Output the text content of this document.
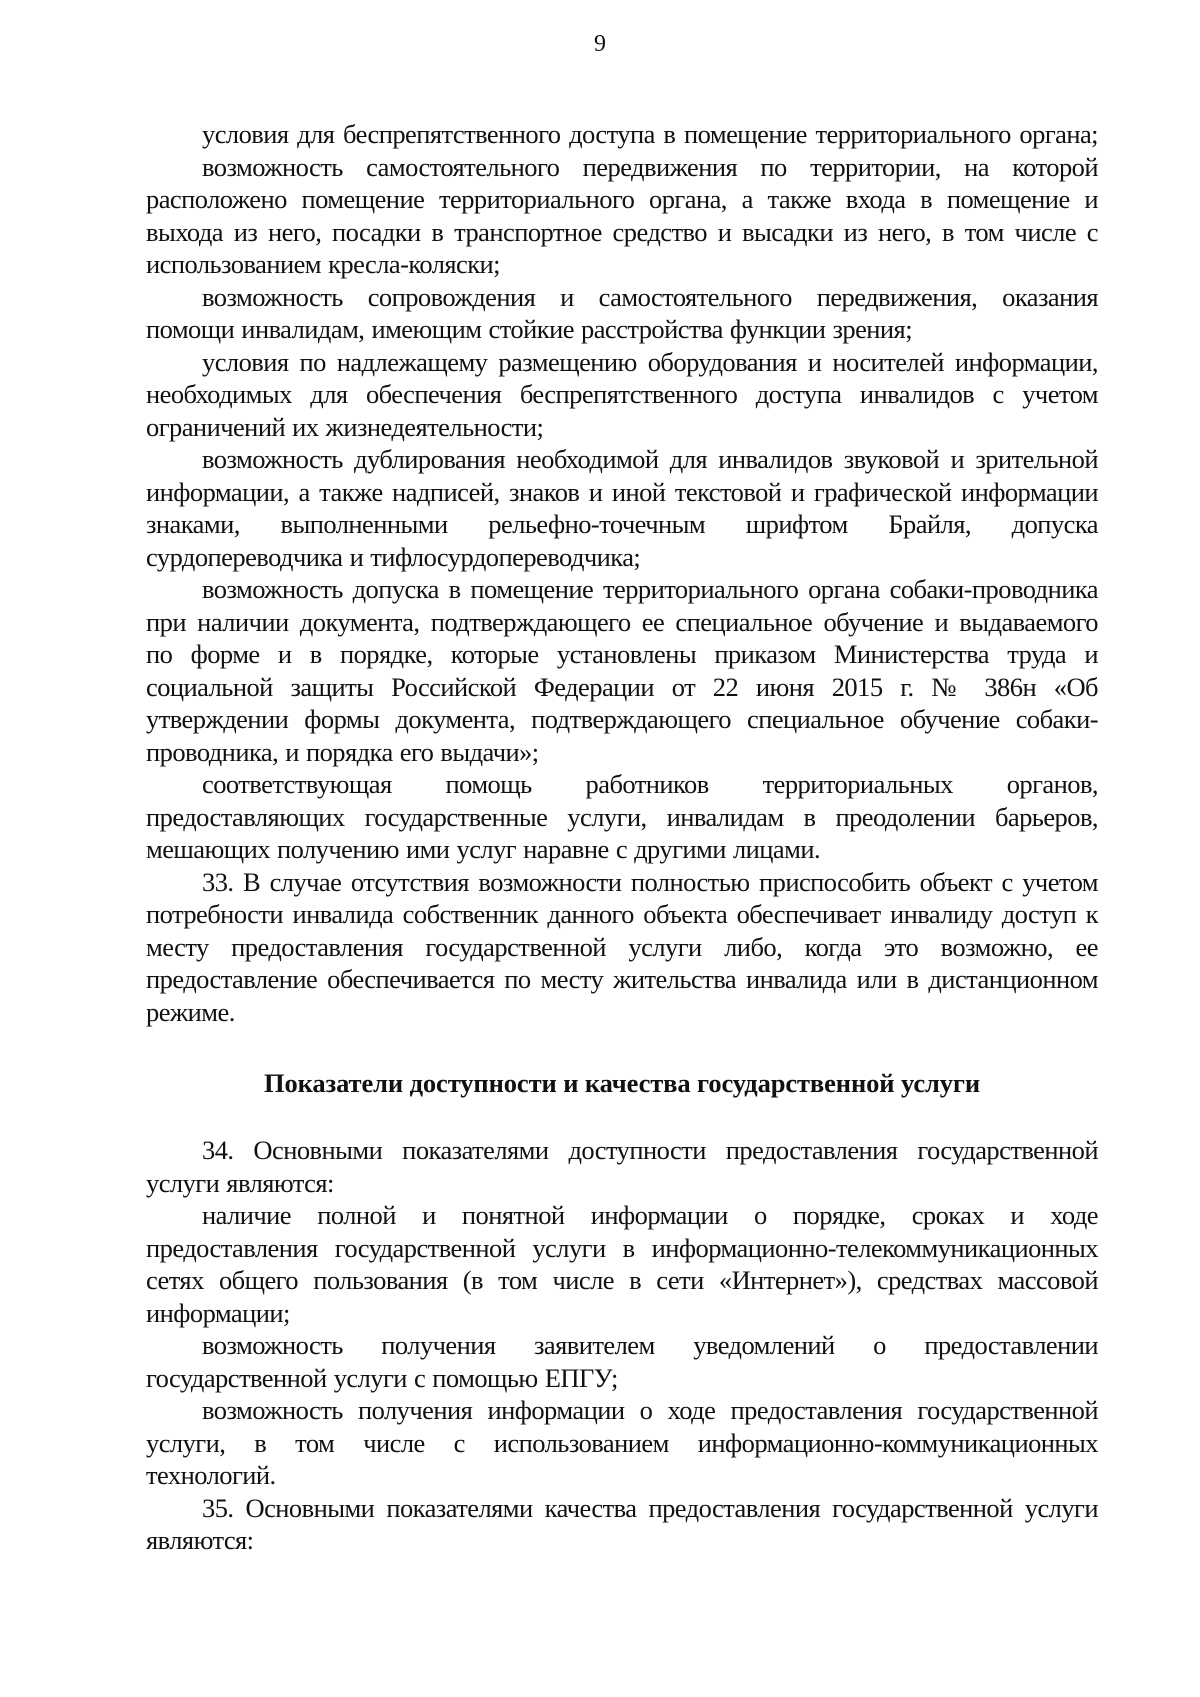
9

условия для беспрепятственного доступа в помещение территориального органа;

возможность самостоятельного передвижения по территории, на которой расположено помещение территориального органа, а также входа в помещение и выхода из него, посадки в транспортное средство и высадки из него, в том числе с использованием кресла-коляски;

возможность сопровождения и самостоятельного передвижения, оказания помощи инвалидам, имеющим стойкие расстройства функции зрения;

условия по надлежащему размещению оборудования и носителей информации, необходимых для обеспечения беспрепятственного доступа инвалидов с учетом ограничений их жизнедеятельности;

возможность дублирования необходимой для инвалидов звуковой и зрительной информации, а также надписей, знаков и иной текстовой и графической информации знаками, выполненными рельефно-точечным шрифтом Брайля, допуска сурдопереводчика и тифлосурдопереводчика;

возможность допуска в помещение территориального органа собаки-проводника при наличии документа, подтверждающего ее специальное обучение и выдаваемого по форме и в порядке, которые установлены приказом Министерства труда и социальной защиты Российской Федерации от 22 июня 2015 г. № 386н «Об утверждении формы документа, подтверждающего специальное обучение собаки-проводника, и порядка его выдачи»;

соответствующая помощь работников территориальных органов, предоставляющих государственные услуги, инвалидам в преодолении барьеров, мешающих получению ими услуг наравне с другими лицами.

33. В случае отсутствия возможности полностью приспособить объект с учетом потребности инвалида собственник данного объекта обеспечивает инвалиду доступ к месту предоставления государственной услуги либо, когда это возможно, ее предоставление обеспечивается по месту жительства инвалида или в дистанционном режиме.

Показатели доступности и качества государственной услуги

34. Основными показателями доступности предоставления государственной услуги являются:

наличие полной и понятной информации о порядке, сроках и ходе предоставления государственной услуги в информационно-телекоммуникационных сетях общего пользования (в том числе в сети «Интернет»), средствах массовой информации;

возможность получения заявителем уведомлений о предоставлении государственной услуги с помощью ЕПГУ;

возможность получения информации о ходе предоставления государственной услуги, в том числе с использованием информационно-коммуникационных технологий.

35. Основными показателями качества предоставления государственной услуги являются:
